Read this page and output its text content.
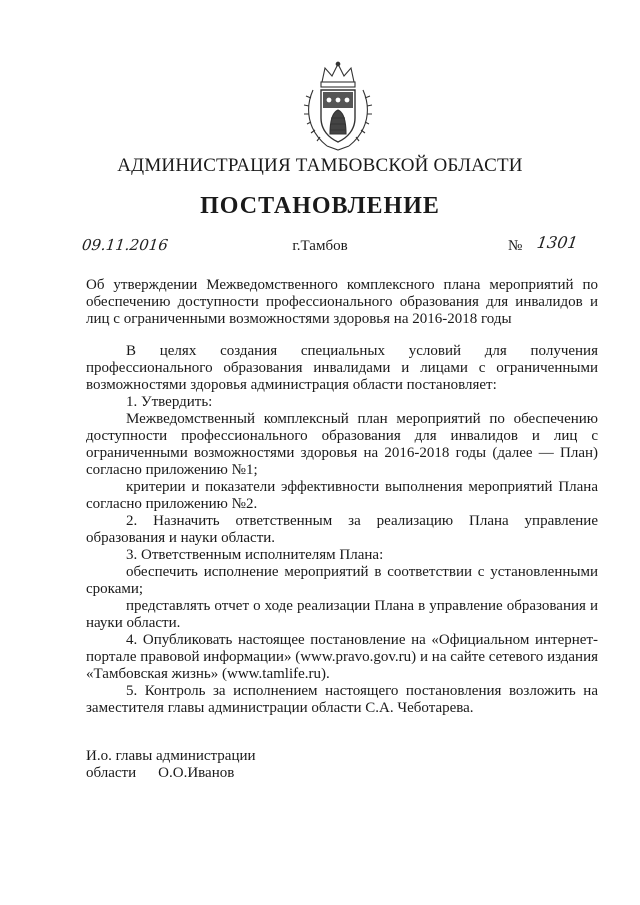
АДМИНИСТРАЦИЯ ТАМБОВСКОЙ ОБЛАСТИ
ПОСТАНОВЛЕНИЕ
09.11.2016	г.Тамбов	№ 1301
Об утверждении Межведомственного комплексного плана мероприятий по обеспечению доступности профессионального образования для инвалидов и лиц с ограниченными возможностями здоровья на 2016-2018 годы

В целях создания специальных условий для получения профессионального образования инвалидами и лицами с ограниченными возможностями здоровья администрация области постановляет:

1. Утвердить:

Межведомственный комплексный план мероприятий по обеспечению доступности профессионального образования для инвалидов и лиц с ограниченными возможностями здоровья на 2016-2018 годы (далее — План) согласно приложению №1;

критерии и показатели эффективности выполнения мероприятий Плана согласно приложению №2.

2. Назначить ответственным за реализацию Плана управление образования и науки области.

3. Ответственным исполнителям Плана:

обеспечить исполнение мероприятий в соответствии с установленными сроками;

представлять отчет о ходе реализации Плана в управление образования и науки области.

4. Опубликовать настоящее постановление на «Официальном интернет-портале правовой информации» (www.pravo.gov.ru) и на сайте сетевого издания «Тамбовская жизнь» (www.tamlife.ru).

5. Контроль за исполнением настоящего постановления возложить на заместителя главы администрации области С.А. Чеботарева.

И.о. главы администрации
области О.О.Иванов
